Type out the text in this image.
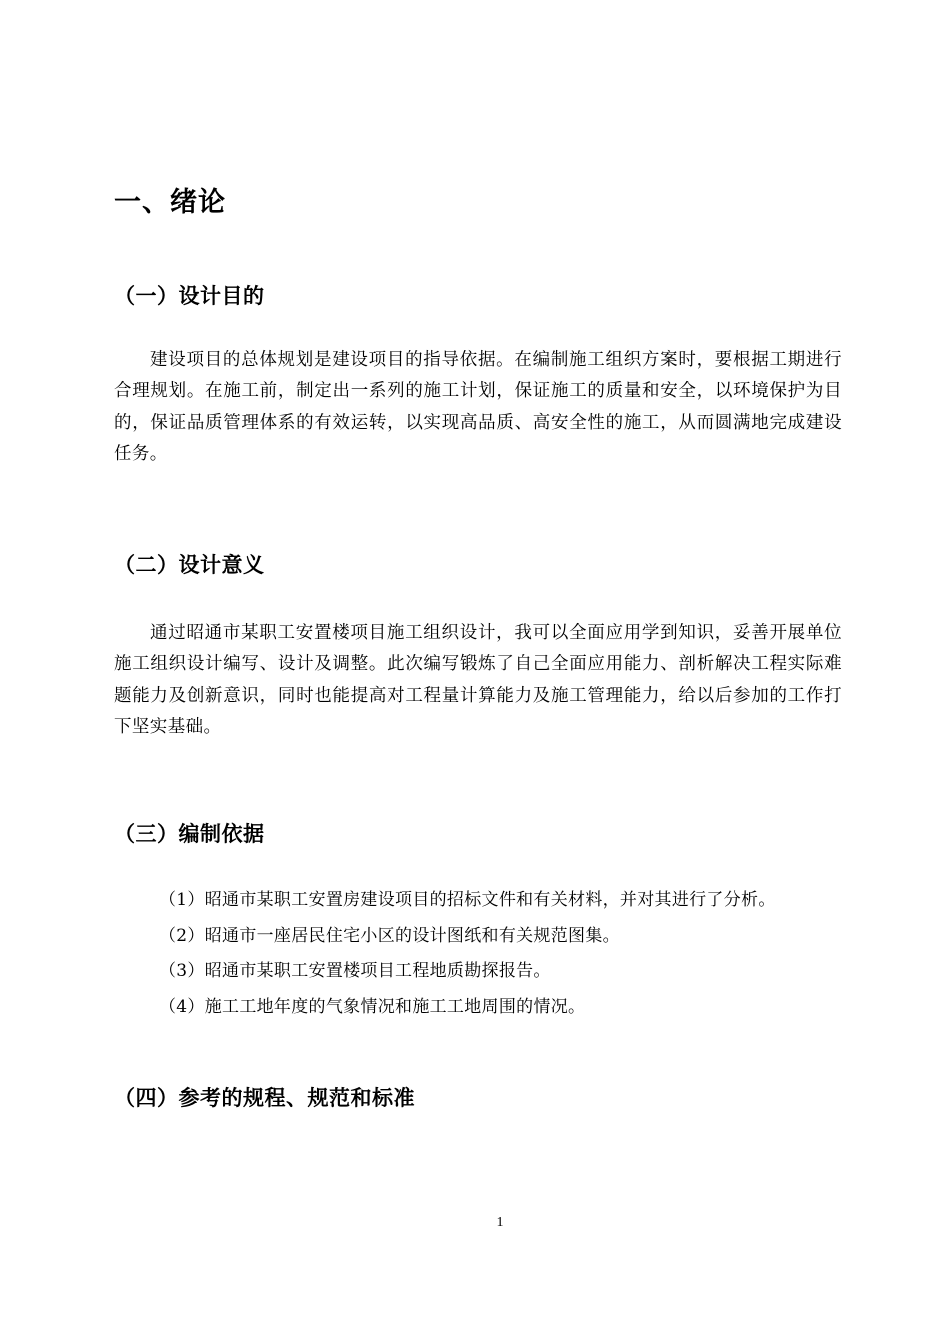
一、绪论
（一）设计目的

建设项目的总体规划是建设项目的指导依据。在编制施工组织方案时，要根据工期进行合理规划。在施工前，制定出一系列的施工计划，保证施工的质量和安全，以环境保护为目的，保证品质管理体系的有效运转，以实现高品质、高安全性的施工，从而圆满地完成建设任务。

（二）设计意义

通过昭通市某职工安置楼项目施工组织设计，我可以全面应用学到知识，妥善开展单位施工组织设计编写、设计及调整。此次编写锻炼了自己全面应用能力、剖析解决工程实际难题能力及创新意识，同时也能提高对工程量计算能力及施工管理能力，给以后参加的工作打下坚实基础。

（三）编制依据
（1）昭通市某职工安置房建设项目的招标文件和有关材料，并对其进行了分析。
（2）昭通市一座居民住宅小区的设计图纸和有关规范图集。
（3）昭通市某职工安置楼项目工程地质勘探报告。
（4）施工工地年度的气象情况和施工工地周围的情况。
（四）参考的规程、规范和标准
1
